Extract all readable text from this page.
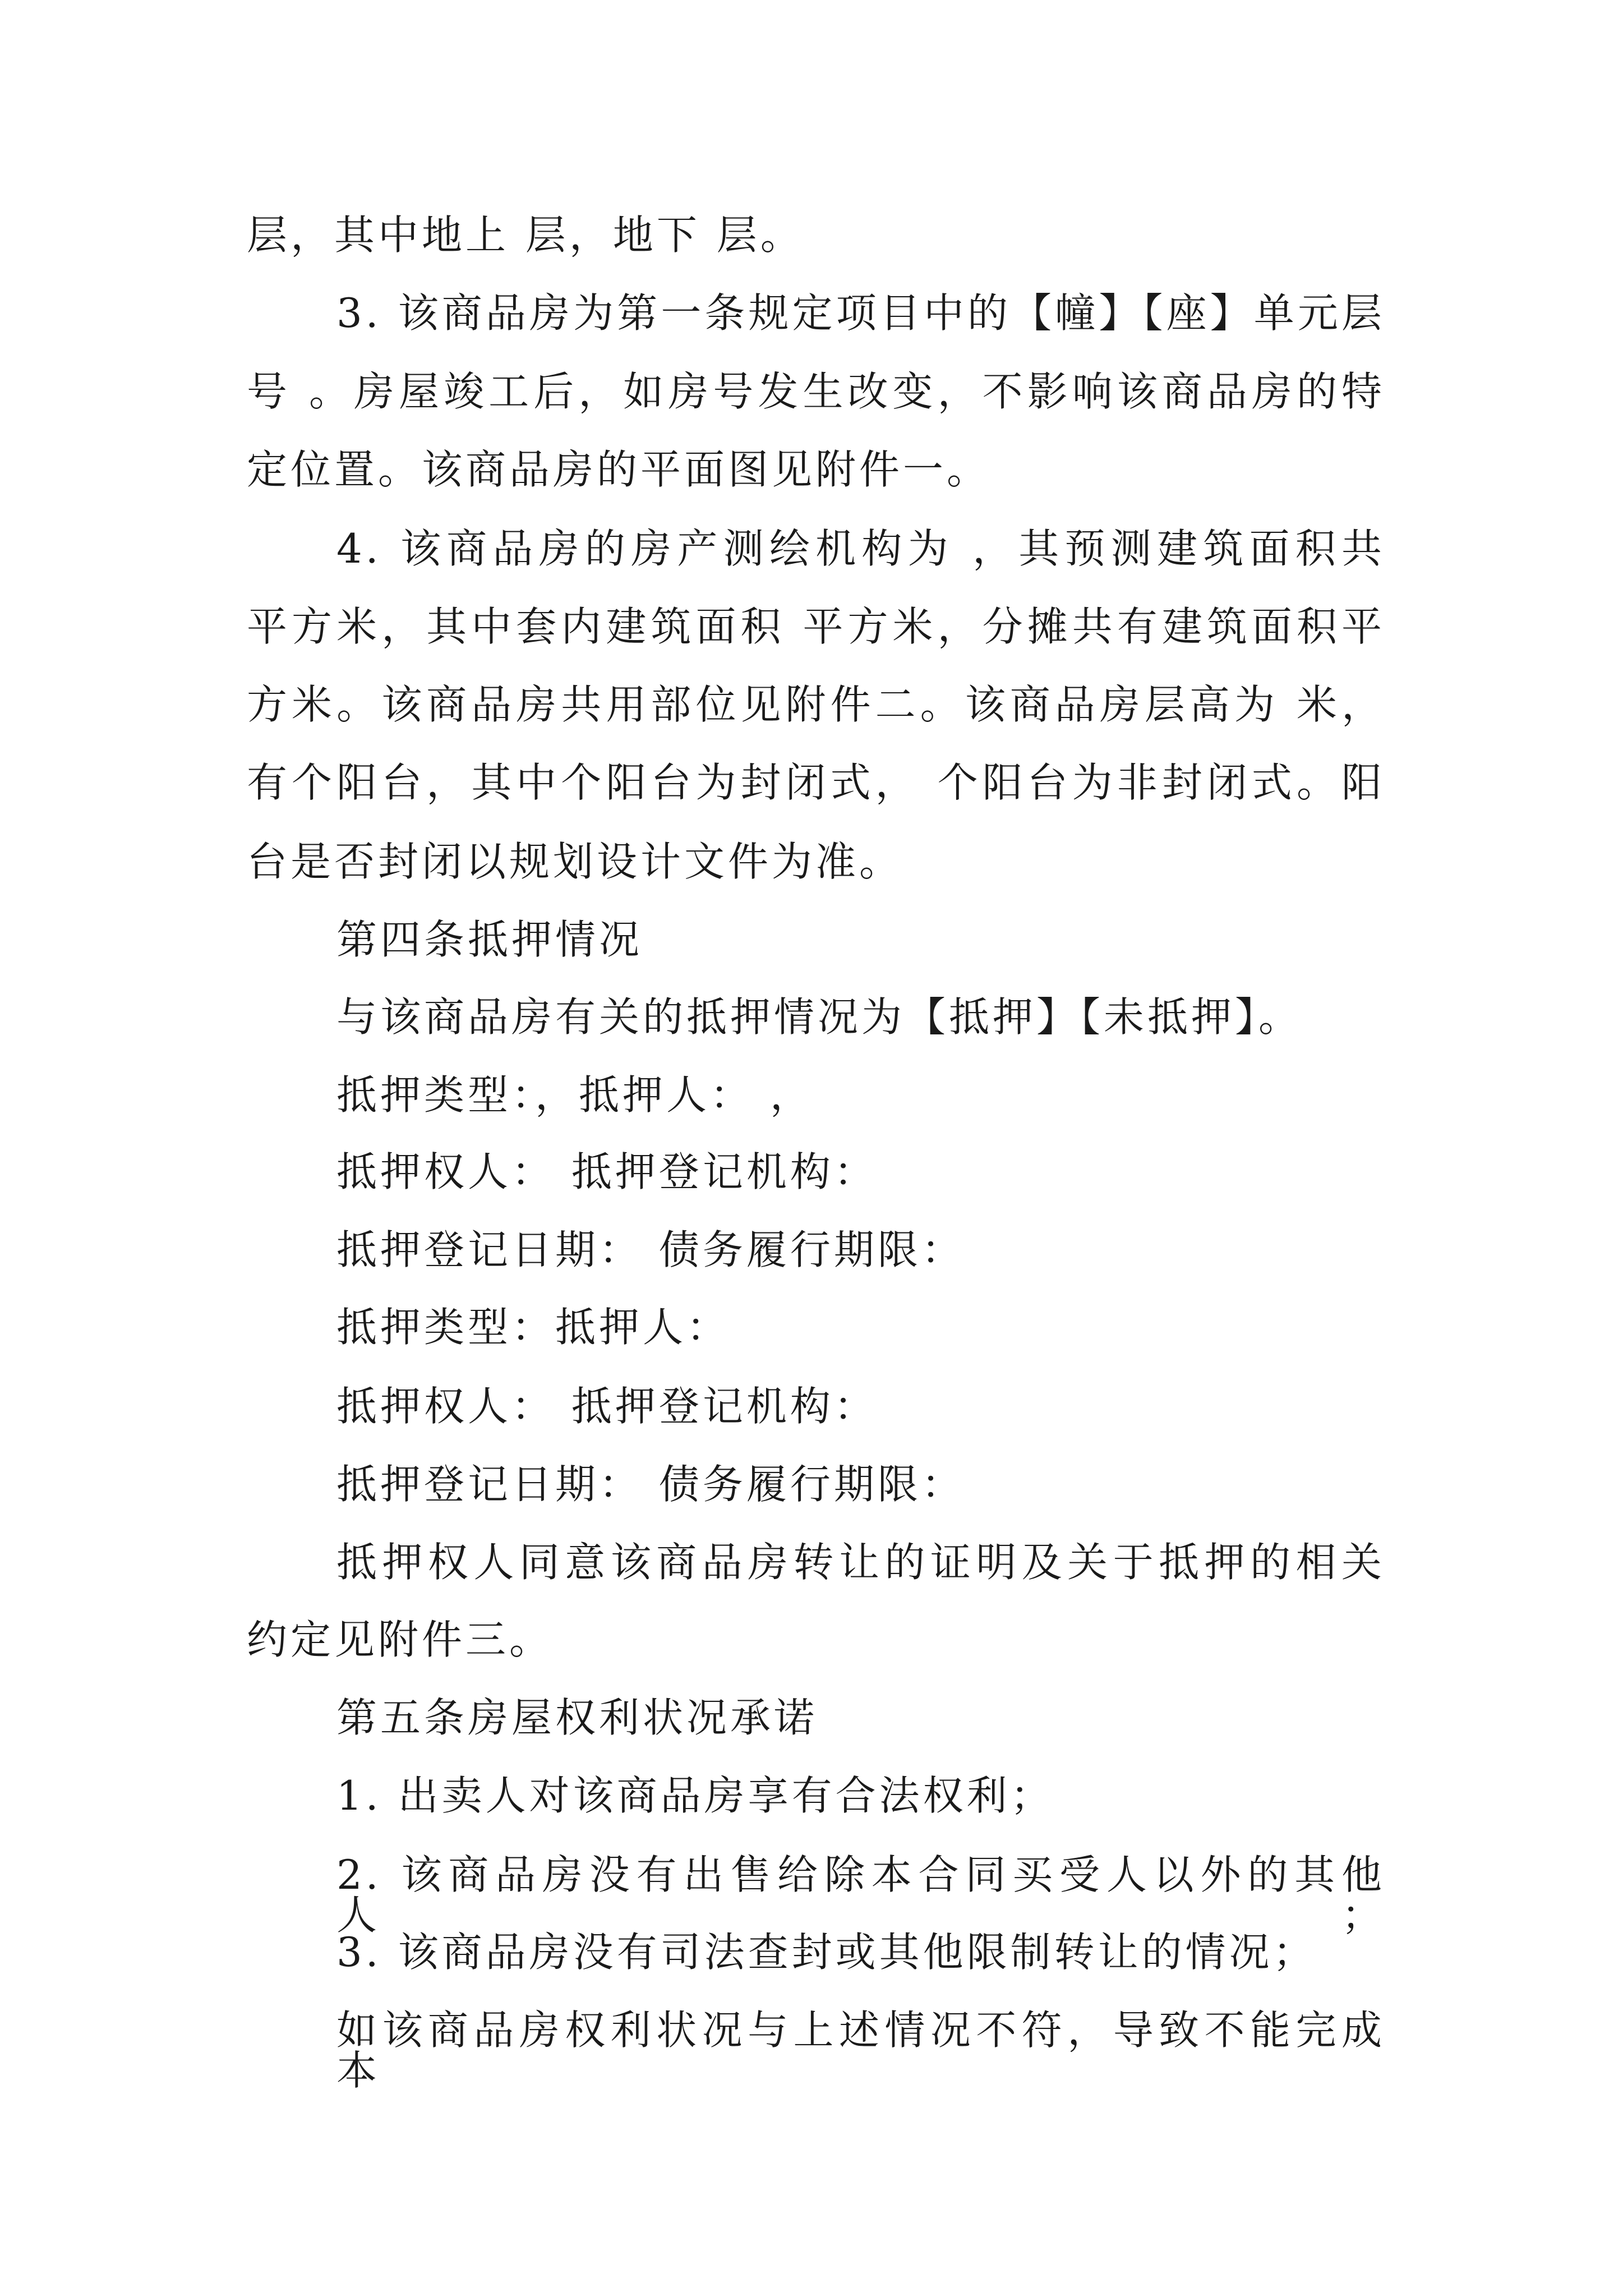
层，其中地上 层，地下 层。
3. 该商品房为第一条规定项目中的【幢】【座】单元层
号 。房屋竣工后，如房号发生改变，不影响该商品房的特
定位置。该商品房的平面图见附件一。
4. 该商品房的房产测绘机构为 ，其预测建筑面积共
平方米，其中套内建筑面积 平方米，分摊共有建筑面积平
方米。该商品房共用部位见附件二。该商品房层高为 米，
有个阳台，其中个阳台为封闭式， 个阳台为非封闭式。阳
台是否封闭以规划设计文件为准。
第四条抵押情况
与该商品房有关的抵押情况为【抵押】【未抵押】。
抵押类型：，抵押人： ，
抵押权人： 抵押登记机构：
抵押登记日期： 债务履行期限：
抵押类型：抵押人：
抵押权人： 抵押登记机构：
抵押登记日期： 债务履行期限：
抵押权人同意该商品房转让的证明及关于抵押的相关
约定见附件三。
第五条房屋权利状况承诺
1. 出卖人对该商品房享有合法权利；
2. 该商品房没有出售给除本合同买受人以外的其他人；
3. 该商品房没有司法查封或其他限制转让的情况；
如该商品房权利状况与上述情况不符，导致不能完成本
